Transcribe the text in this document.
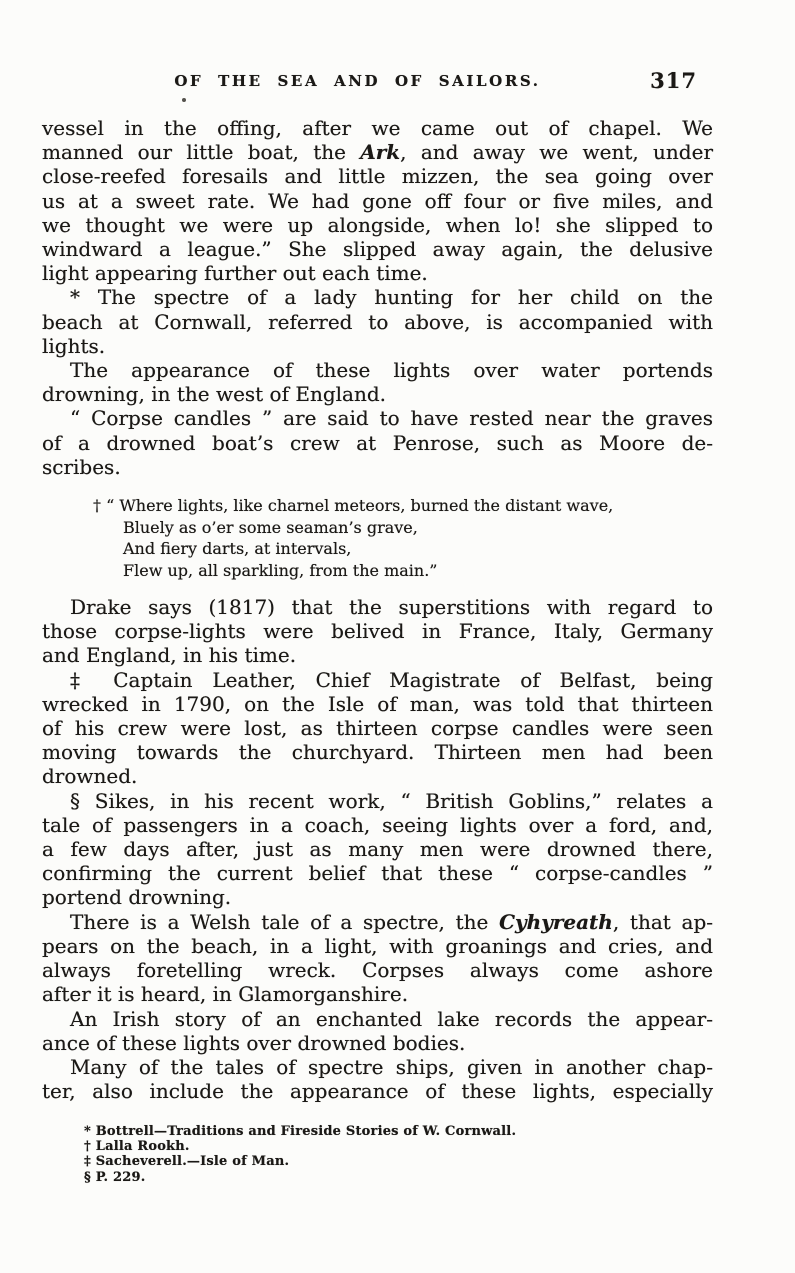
OF THE SEA AND OF SAILORS.	317
vessel in the offing, after we came out of chapel. We
manned our little boat, the Ark, and away we went, under
close-reefed foresails and little mizzen, the sea going over
us at a sweet rate. We had gone off four or five miles, and
we thought we were up alongside, when lo! she slipped to
windward a league.” She slipped away again, the delusive
light appearing further out each time.
* The spectre of a lady hunting for her child on the
beach at Cornwall, referred to above, is accompanied with
lights.
The appearance of these lights over water portends
drowning, in the west of England.
“ Corpse candles ” are said to have rested near the graves
of a drowned boat’s crew at Penrose, such as Moore de-
scribes.
† “ Where lights, like charnel meteors, burned the distant wave,
Bluely as o’er some seaman’s grave,
And fiery darts, at intervals,
Flew up, all sparkling, from the main.”
Drake says (1817) that the superstitions with regard to
those corpse-lights were belived in France, Italy, Germany
and England, in his time.
‡ Captain Leather, Chief Magistrate of Belfast, being
wrecked in 1790, on the Isle of man, was told that thirteen
of his crew were lost, as thirteen corpse candles were seen
moving towards the churchyard. Thirteen men had been
drowned.
§ Sikes, in his recent work, “ British Goblins,” relates a
tale of passengers in a coach, seeing lights over a ford, and,
a few days after, just as many men were drowned there,
confirming the current belief that these “ corpse-candles ”
portend drowning.
There is a Welsh tale of a spectre, the Cyhyreath, that ap-
pears on the beach, in a light, with groanings and cries, and
always foretelling wreck. Corpses always come ashore
after it is heard, in Glamorganshire.
An Irish story of an enchanted lake records the appear-
ance of these lights over drowned bodies.
Many of the tales of spectre ships, given in another chap-
ter, also include the appearance of these lights, especially
* Bottrell—Traditions and Fireside Stories of W. Cornwall.
† Lalla Rookh.
‡ Sacheverell.—Isle of Man.
§ P. 229.
